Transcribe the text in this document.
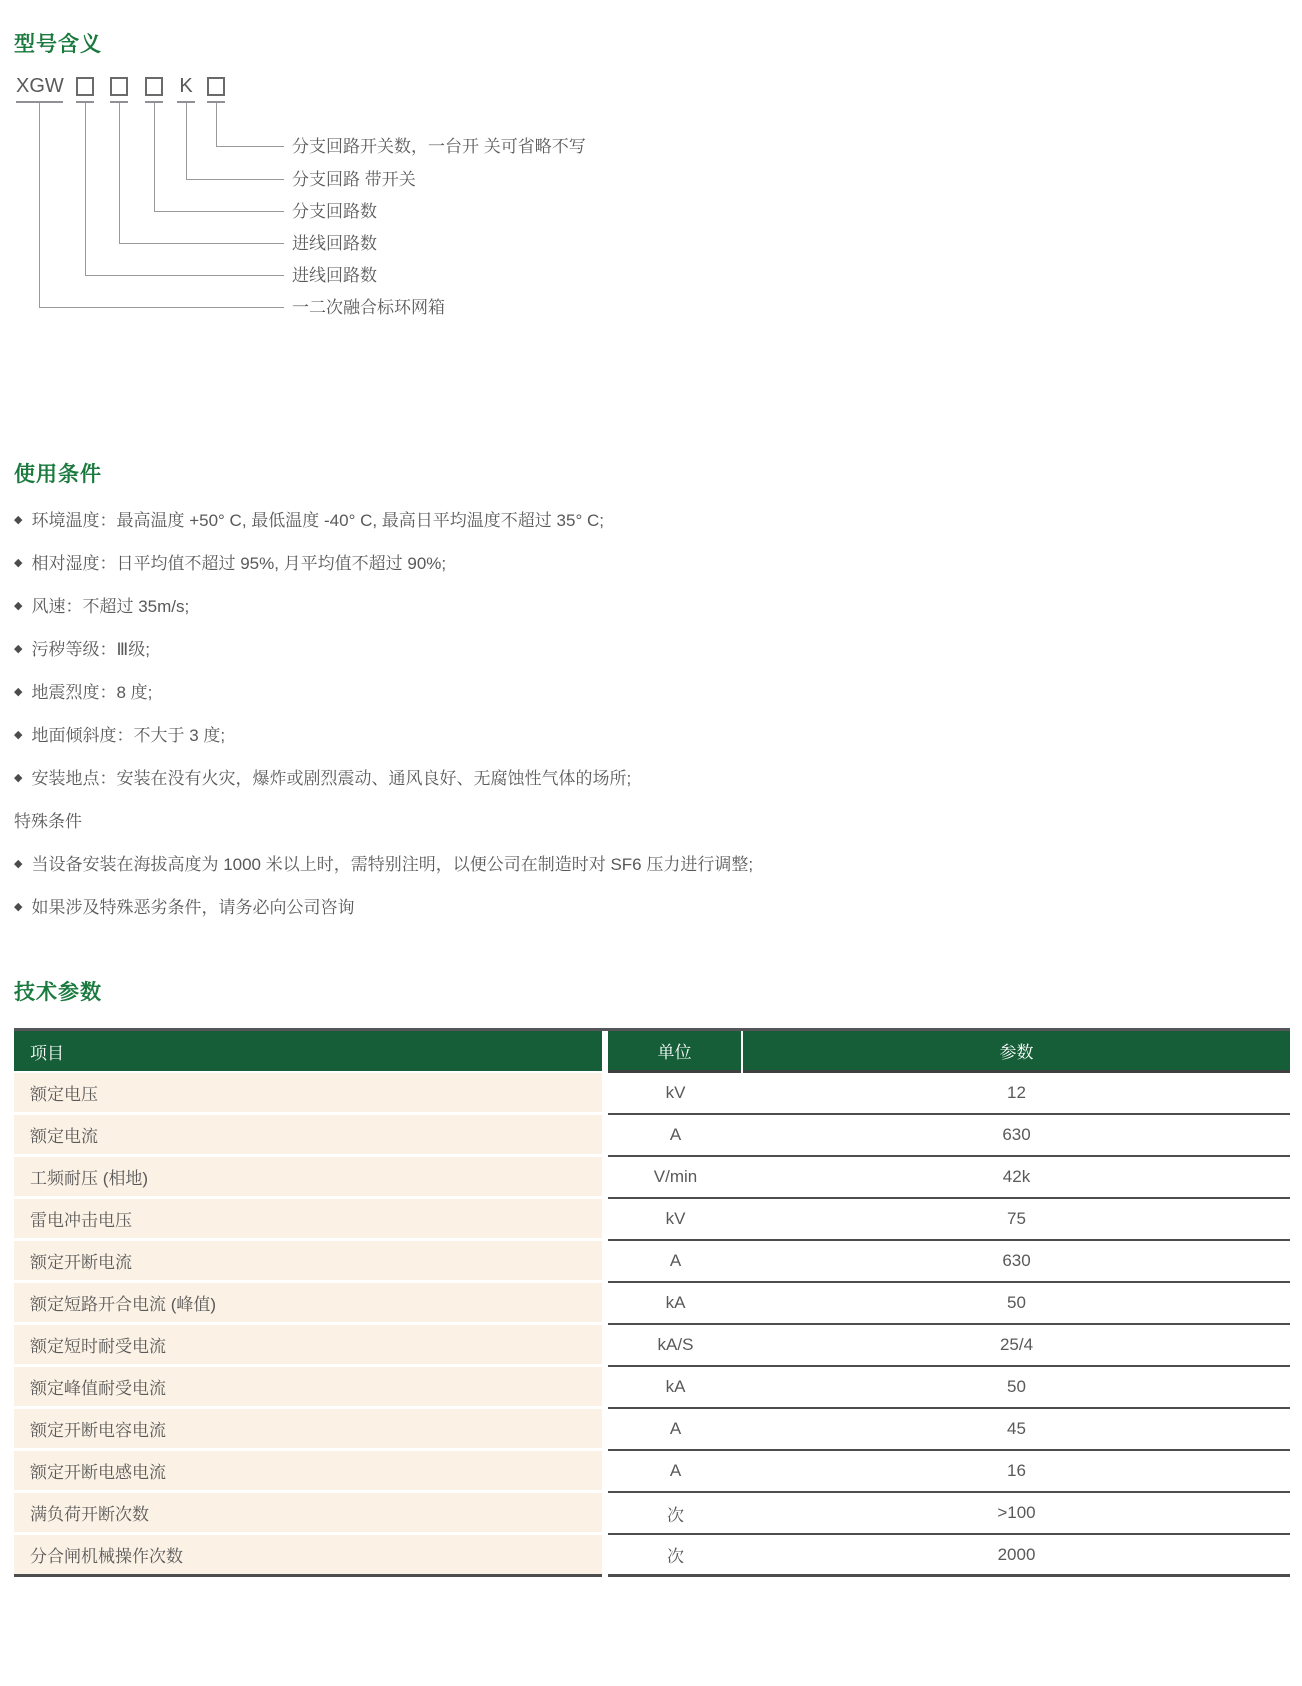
型号含义
XGW	K
分支回路开关数，一台开 关可省略不写
分支回路 带开关
分支回路数
进线回路数
进线回路数
一二次融合标环网箱
使用条件
◆ 环境温度：最高温度 +50° C, 最低温度 -40° C, 最高日平均温度不超过 35° C;
◆ 相对湿度：日平均值不超过 95%, 月平均值不超过 90%;
◆ 风速：不超过 35m/s;
◆ 污秽等级：Ⅲ级;
◆ 地震烈度：8 度;
◆ 地面倾斜度：不大于 3 度;
◆ 安装地点：安装在没有火灾，爆炸或剧烈震动、通风良好、无腐蚀性气体的场所;
特殊条件
◆ 当设备安装在海拔高度为 1000 米以上时，需特别注明，以便公司在制造时对 SF6 压力进行调整;
◆ 如果涉及特殊恶劣条件，请务必向公司咨询
技术参数
项目	单位	参数
额定电压	kV	12
额定电流	A	630
工频耐压 (相地)	V/min	42k
雷电冲击电压	kV	75
额定开断电流	A	630
额定短路开合电流 (峰值)	kA	50
额定短时耐受电流	kA/S	25/4
额定峰值耐受电流	kA	50
额定开断电容电流	A	45
额定开断电感电流	A	16
满负荷开断次数	次	>100
分合闸机械操作次数	次	2000
